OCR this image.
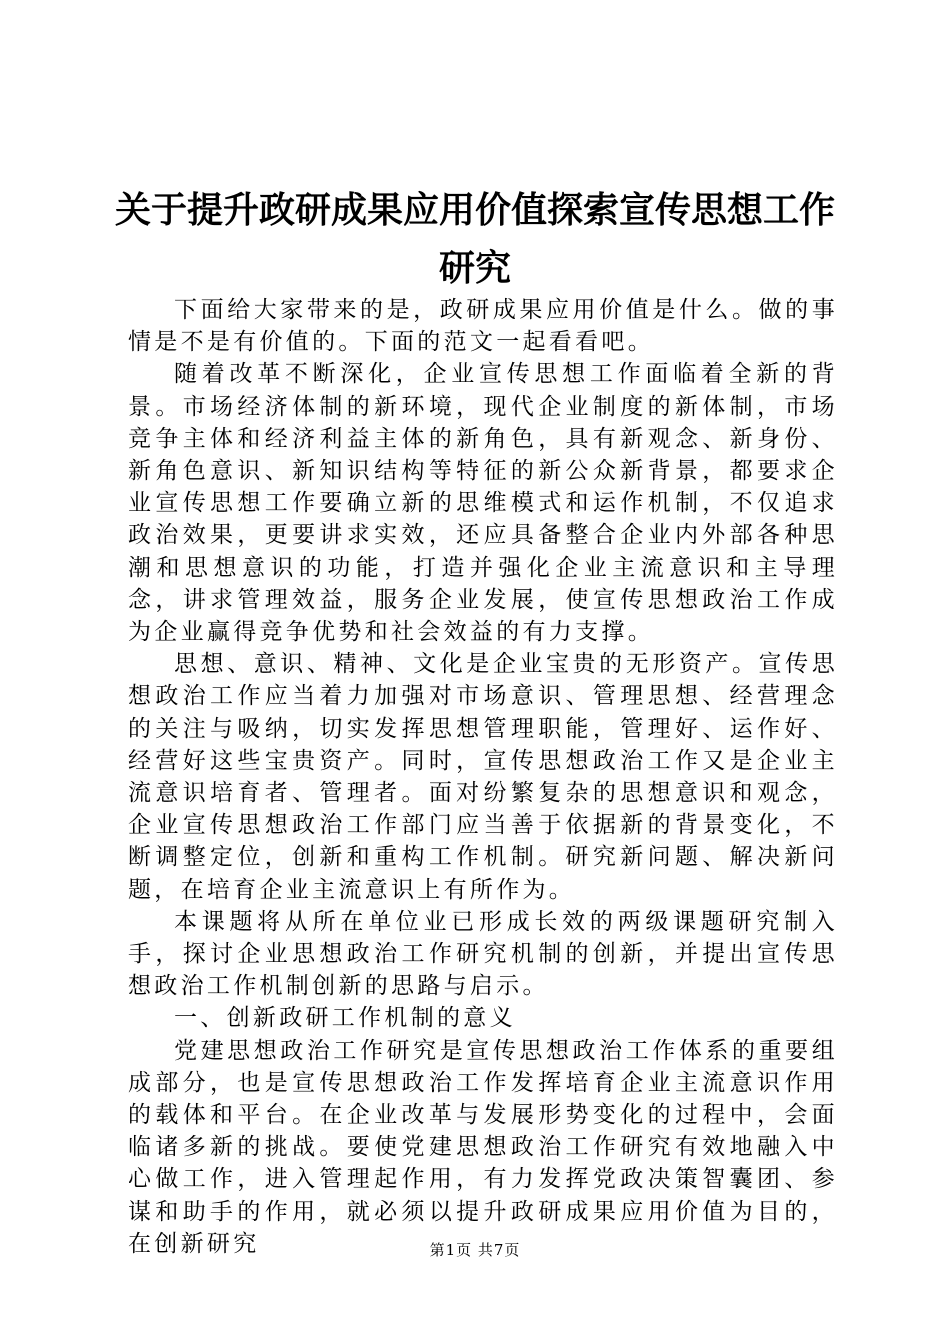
关于提升政研成果应用价值探索宣传思想工作
研究

下面给大家带来的是，政研成果应用价值是什么。做的事情是不是有价值的。下面的范文一起看看吧。

随着改革不断深化，企业宣传思想工作面临着全新的背景。市场经济体制的新环境，现代企业制度的新体制，市场竞争主体和经济利益主体的新角色，具有新观念、新身份、新角色意识、新知识结构等特征的新公众新背景，都要求企业宣传思想工作要确立新的思维模式和运作机制，不仅追求政治效果，更要讲求实效，还应具备整合企业内外部各种思潮和思想意识的功能，打造并强化企业主流意识和主导理念，讲求管理效益，服务企业发展，使宣传思想政治工作成为企业赢得竞争优势和社会效益的有力支撑。

思想、意识、精神、文化是企业宝贵的无形资产。宣传思想政治工作应当着力加强对市场意识、管理思想、经营理念的关注与吸纳，切实发挥思想管理职能，管理好、运作好、经营好这些宝贵资产。同时，宣传思想政治工作又是企业主流意识培育者、管理者。面对纷繁复杂的思想意识和观念，企业宣传思想政治工作部门应当善于依据新的背景变化，不断调整定位，创新和重构工作机制。研究新问题、解决新问题，在培育企业主流意识上有所作为。

本课题将从所在单位业已形成长效的两级课题研究制入手，探讨企业思想政治工作研究机制的创新，并提出宣传思想政治工作机制创新的思路与启示。

一、创新政研工作机制的意义

党建思想政治工作研究是宣传思想政治工作体系的重要组成部分，也是宣传思想政治工作发挥培育企业主流意识作用的载体和平台。在企业改革与发展形势变化的过程中，会面临诸多新的挑战。要使党建思想政治工作研究有效地融入中心做工作，进入管理起作用，有力发挥党政决策智囊团、参谋和助手的作用，就必须以提升政研成果应用价值为目的，在创新研究	第1页 共7页
